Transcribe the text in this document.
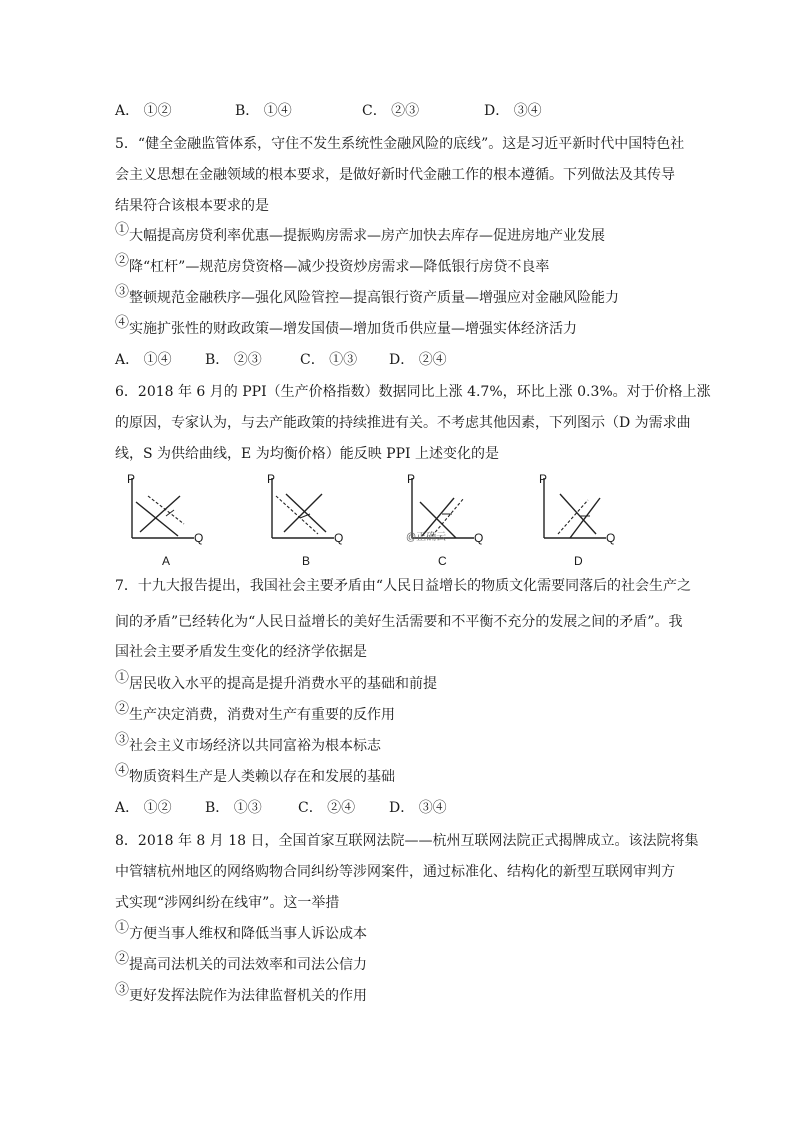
A． ①②	B． ①④	C． ②③	D． ③④
5．“健全金融监管体系，守住不发生系统性金融风险的底线”。这是习近平新时代中国特色社
会主义思想在金融领域的根本要求，是做好新时代金融工作的根本遵循。下列做法及其传导
结果符合该根本要求的是
①大幅提高房贷利率优惠—提振购房需求—房产加快去库存—促进房地产业发展
②降“杠杆”—规范房贷资格—减少投资炒房需求—降低银行房贷不良率
③整顿规范金融秩序—强化风险管控—提高银行资产质量—增强应对金融风险能力
④实施扩张性的财政政策—增发国债—增加货币供应量—增强实体经济活力
A． ①④ B． ②③	C． ①③ D． ②④
6．2018 年 6 月的 PPI（生产价格指数）数据同比上涨 4.7%，环比上涨 0.3%。对于价格上涨
的原因，专家认为，与去产能政策的持续推进有关。不考虑其他因素，下列图示（D 为需求曲
线，S 为供给曲线，E 为均衡价格）能反映 PPI 上述变化的是
P
Q
A
P
Q
B
P
Q
@正确云
C
P
Q
D
7．十九大报告提出，我国社会主要矛盾由“人民日益增长的物质文化需要同落后的社会生产之
间的矛盾”已经转化为“人民日益增长的美好生活需要和不平衡不充分的发展之间的矛盾”。我
国社会主要矛盾发生变化的经济学依据是
①居民收入水平的提高是提升消费水平的基础和前提
②生产决定消费，消费对生产有重要的反作用
③社会主义市场经济以共同富裕为根本标志
④物质资料生产是人类赖以存在和发展的基础
A． ①② B． ①③	C． ②④ D． ③④
8．2018 年 8 月 18 日，全国首家互联网法院——杭州互联网法院正式揭牌成立。该法院将集
中管辖杭州地区的网络购物合同纠纷等涉网案件，通过标准化、结构化的新型互联网审判方
式实现“涉网纠纷在线审”。这一举措
①方便当事人维权和降低当事人诉讼成本
②提高司法机关的司法效率和司法公信力
③更好发挥法院作为法律监督机关的作用
